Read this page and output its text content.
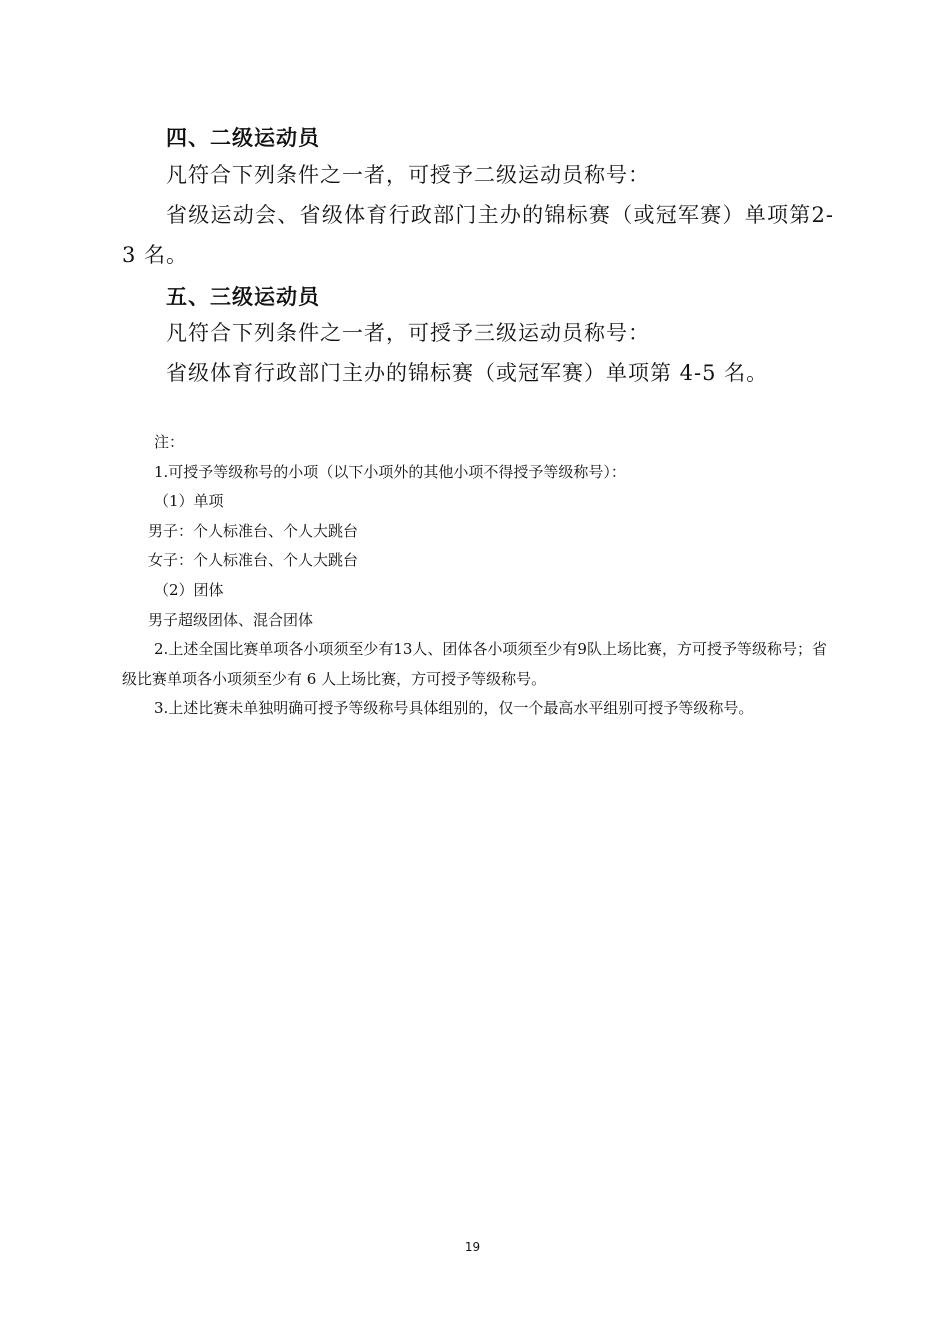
四、二级运动员
凡符合下列条件之一者，可授予二级运动员称号：
省级运动会、省级体育行政部门主办的锦标赛（或冠军赛）单项第2-3 名。
五、三级运动员
凡符合下列条件之一者，可授予三级运动员称号：
省级体育行政部门主办的锦标赛（或冠军赛）单项第 4-5 名。
注：
1.可授予等级称号的小项（以下小项外的其他小项不得授予等级称号）：
（1）单项
男子：个人标准台、个人大跳台
女子：个人标准台、个人大跳台
（2）团体
男子超级团体、混合团体
2.上述全国比赛单项各小项须至少有13人、团体各小项须至少有9队上场比赛，方可授予等级称号；省级比赛单项各小项须至少有 6 人上场比赛，方可授予等级称号。
3.上述比赛未单独明确可授予等级称号具体组别的，仅一个最高水平组别可授予等级称号。
19
